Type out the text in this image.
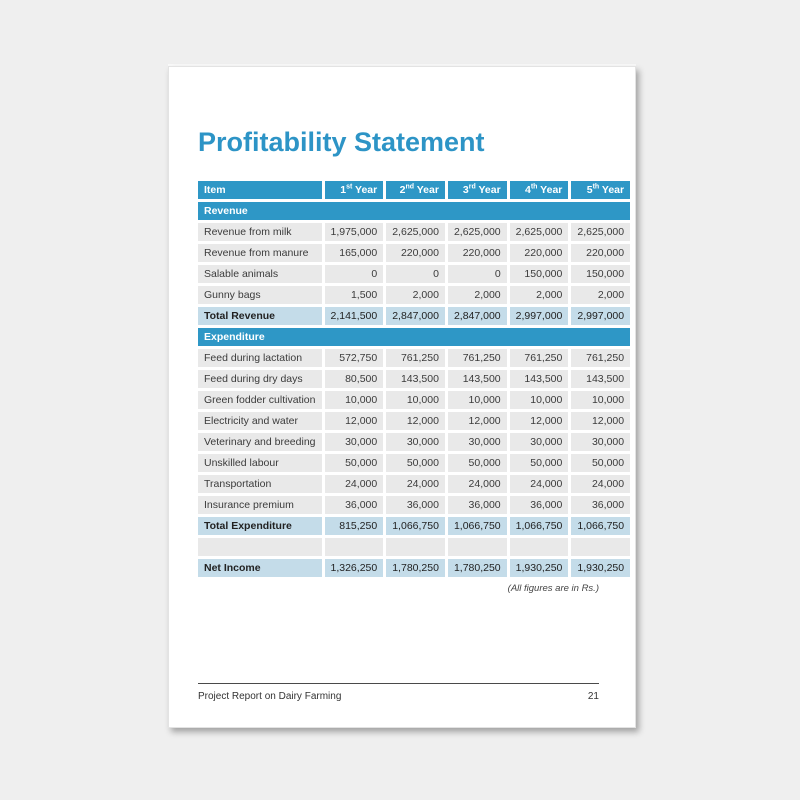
Profitability Statement
Item	1st Year	2nd Year	3rd Year	4th Year	5th Year
Revenue					
Revenue from milk	1,975,000	2,625,000	2,625,000	2,625,000	2,625,000
Revenue from manure	165,000	220,000	220,000	220,000	220,000
Salable animals	0	0	0	150,000	150,000
Gunny bags	1,500	2,000	2,000	2,000	2,000
Total Revenue	2,141,500	2,847,000	2,847,000	2,997,000	2,997,000
Expenditure					
Feed during lactation	572,750	761,250	761,250	761,250	761,250
Feed during dry days	80,500	143,500	143,500	143,500	143,500
Green fodder cultivation	10,000	10,000	10,000	10,000	10,000
Electricity and water	12,000	12,000	12,000	12,000	12,000
Veterinary and breeding	30,000	30,000	30,000	30,000	30,000
Unskilled labour	50,000	50,000	50,000	50,000	50,000
Transportation	24,000	24,000	24,000	24,000	24,000
Insurance premium	36,000	36,000	36,000	36,000	36,000
Total Expenditure	815,250	1,066,750	1,066,750	1,066,750	1,066,750

Net Income	1,326,250	1,780,250	1,780,250	1,930,250	1,930,250
(All figures are in Rs.)
Project Report on Dairy Farming	21
